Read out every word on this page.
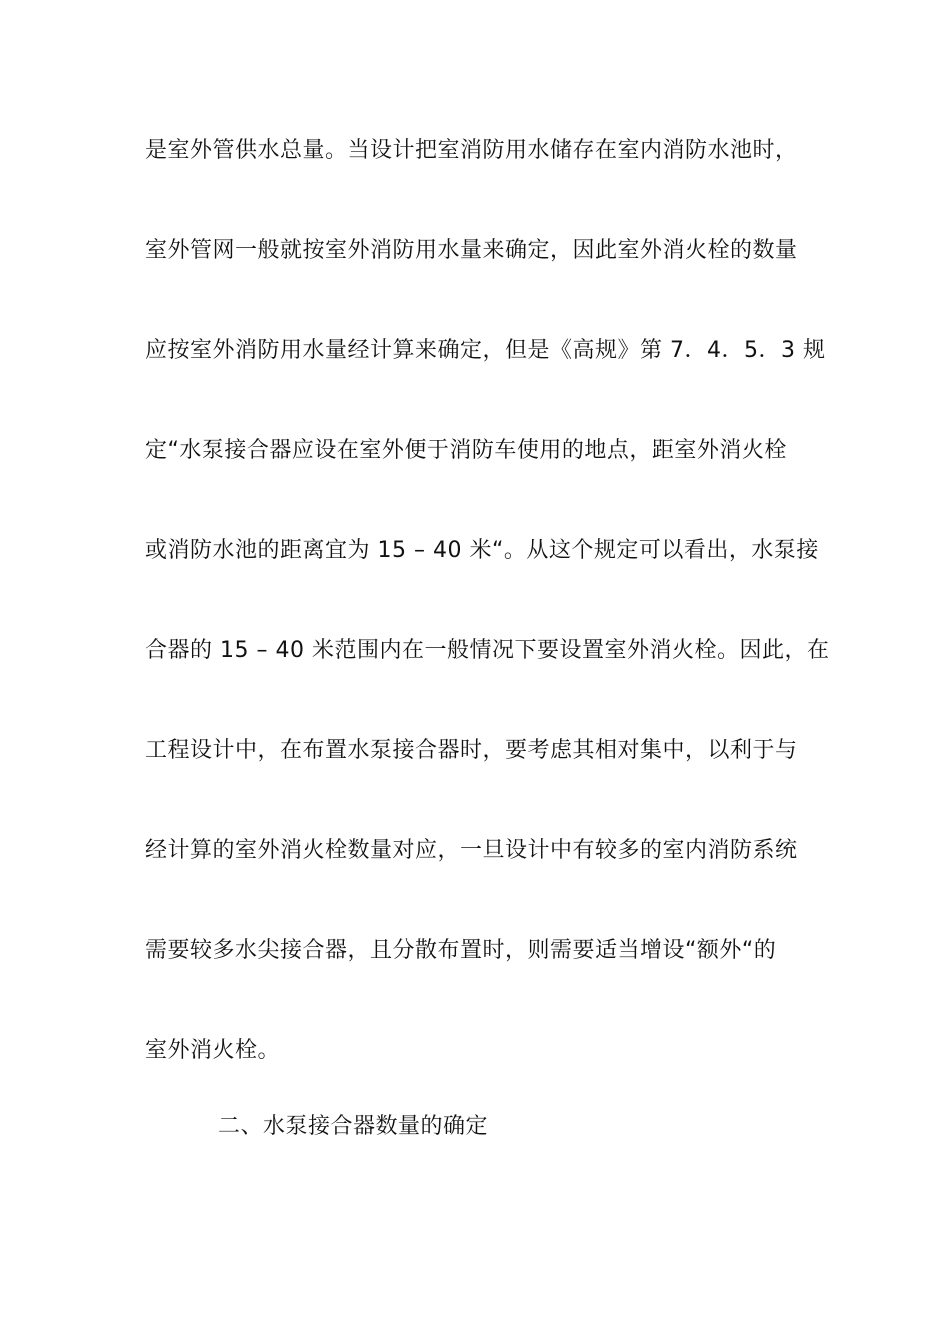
是室外管供水总量。当设计把室消防用水储存在室内消防水池时，
室外管网一般就按室外消防用水量来确定，因此室外消火栓的数量
应按室外消防用水量经计算来确定，但是《高规》第 7．4．5．3 规
定“水泵接合器应设在室外便于消防车使用的地点，距室外消火栓
或消防水池的距离宜为 15 – 40 米“。从这个规定可以看出，水泵接
合器的 15 – 40 米范围内在一般情况下要设置室外消火栓。因此，在
工程设计中，在布置水泵接合器时，要考虑其相对集中，以利于与
经计算的室外消火栓数量对应，一旦设计中有较多的室内消防系统
需要较多水尖接合器，且分散布置时，则需要适当增设“额外“的
室外消火栓。
二、水泵接合器数量的确定
